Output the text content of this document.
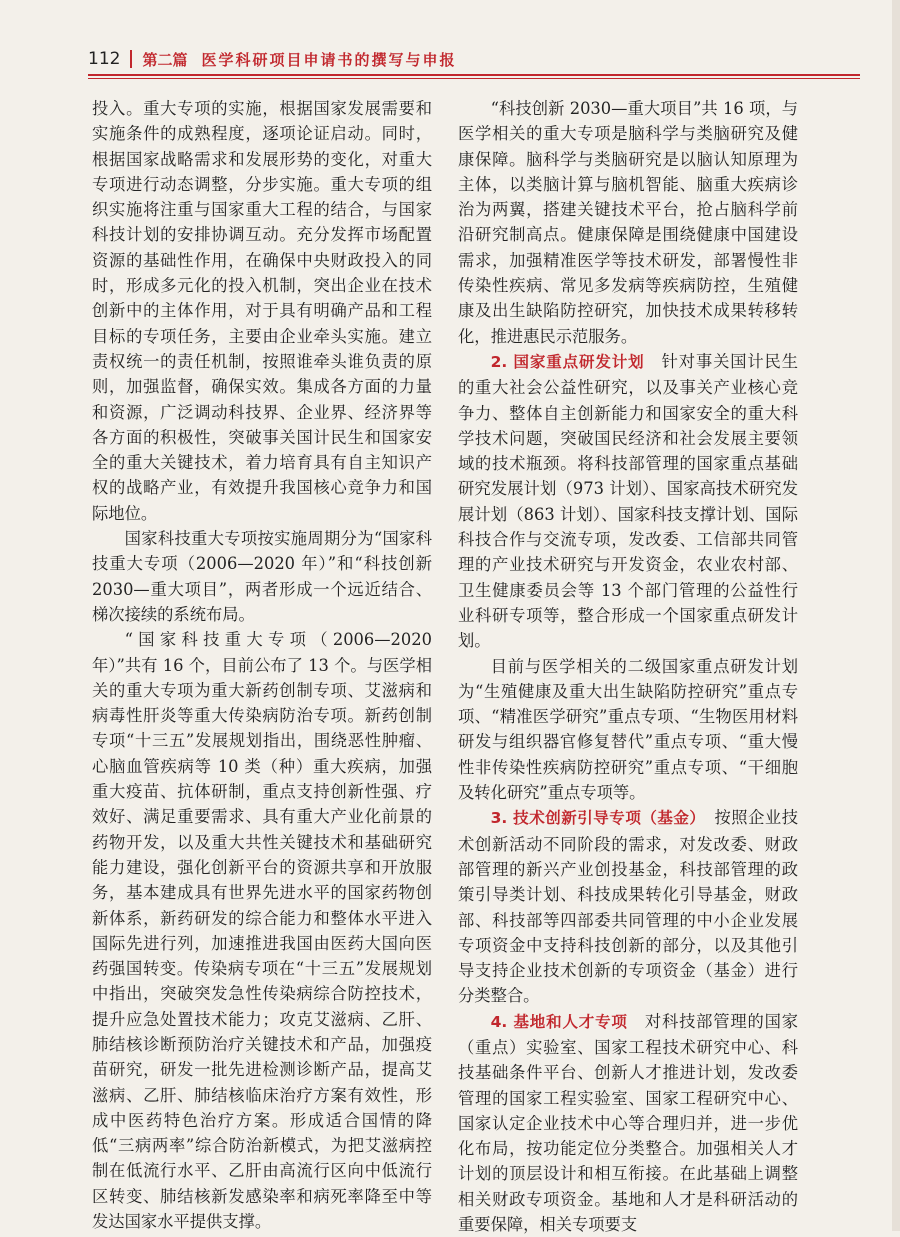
112 第二篇 医学科研项目申请书的撰写与申报

投入。重大专项的实施，根据国家发展需要和实施条件的成熟程度，逐项论证启动。同时，根据国家战略需求和发展形势的变化，对重大专项进行动态调整，分步实施。重大专项的组织实施将注重与国家重大工程的结合，与国家科技计划的安排协调互动。充分发挥市场配置资源的基础性作用，在确保中央财政投入的同时，形成多元化的投入机制，突出企业在技术创新中的主体作用，对于具有明确产品和工程目标的专项任务，主要由企业牵头实施。建立责权统一的责任机制，按照谁牵头谁负责的原则，加强监督，确保实效。集成各方面的力量和资源，广泛调动科技界、企业界、经济界等各方面的积极性，突破事关国计民生和国家安全的重大关键技术，着力培育具有自主知识产权的战略产业，有效提升我国核心竞争力和国际地位。

国家科技重大专项按实施周期分为“国家科技重大专项（2006—2020 年）”和“科技创新 2030—重大项目”，两者形成一个远近结合、梯次接续的系统布局。

“国家科技重大专项（2006—2020 年）”共有 16 个，目前公布了 13 个。与医学相关的重大专项为重大新药创制专项、艾滋病和病毒性肝炎等重大传染病防治专项。新药创制专项“十三五”发展规划指出，围绕恶性肿瘤、心脑血管疾病等 10 类（种）重大疾病，加强重大疫苗、抗体研制，重点支持创新性强、疗效好、满足重要需求、具有重大产业化前景的药物开发，以及重大共性关键技术和基础研究能力建设，强化创新平台的资源共享和开放服务，基本建成具有世界先进水平的国家药物创新体系，新药研发的综合能力和整体水平进入国际先进行列，加速推进我国由医药大国向医药强国转变。传染病专项在“十三五”发展规划中指出，突破突发急性传染病综合防控技术，提升应急处置技术能力；攻克艾滋病、乙肝、肺结核诊断预防治疗关键技术和产品，加强疫苗研究，研发一批先进检测诊断产品，提高艾滋病、乙肝、肺结核临床治疗方案有效性，形成中医药特色治疗方案。形成适合国情的降低“三病两率”综合防治新模式，为把艾滋病控制在低流行水平、乙肝由高流行区向中低流行区转变、肺结核新发感染率和病死率降至中等发达国家水平提供支撑。

“科技创新 2030—重大项目”共 16 项，与医学相关的重大专项是脑科学与类脑研究及健康保障。脑科学与类脑研究是以脑认知原理为主体，以类脑计算与脑机智能、脑重大疾病诊治为两翼，搭建关键技术平台，抢占脑科学前沿研究制高点。健康保障是围绕健康中国建设需求，加强精准医学等技术研发，部署慢性非传染性疾病、常见多发病等疾病防控，生殖健康及出生缺陷防控研究，加快技术成果转移转化，推进惠民示范服务。

2. 国家重点研发计划　 针对事关国计民生的重大社会公益性研究，以及事关产业核心竞争力、整体自主创新能力和国家安全的重大科学技术问题，突破国民经济和社会发展主要领域的技术瓶颈。将科技部管理的国家重点基础研究发展计划（973 计划）、国家高技术研究发展计划（863 计划）、国家科技支撑计划、国际科技合作与交流专项，发改委、工信部共同管理的产业技术研究与开发资金，农业农村部、卫生健康委员会等 13 个部门管理的公益性行业科研专项等，整合形成一个国家重点研发计划。

目前与医学相关的二级国家重点研发计划为“生殖健康及重大出生缺陷防控研究”重点专项、“精准医学研究”重点专项、“生物医用材料研发与组织器官修复替代”重点专项、“重大慢性非传染性疾病防控研究”重点专项、“干细胞及转化研究”重点专项等。

3. 技术创新引导专项（基金）　 按照企业技术创新活动不同阶段的需求，对发改委、财政部管理的新兴产业创投基金，科技部管理的政策引导类计划、科技成果转化引导基金，财政部、科技部等四部委共同管理的中小企业发展专项资金中支持科技创新的部分，以及其他引导支持企业技术创新的专项资金（基金）进行分类整合。

4. 基地和人才专项　 对科技部管理的国家（重点）实验室、国家工程技术研究中心、科技基础条件平台、创新人才推进计划，发改委管理的国家工程实验室、国家工程研究中心、国家认定企业技术中心等合理归并，进一步优化布局，按功能定位分类整合。加强相关人才计划的顶层设计和相互衔接。在此基础上调整相关财政专项资金。基地和人才是科研活动的重要保障，相关专项要支
